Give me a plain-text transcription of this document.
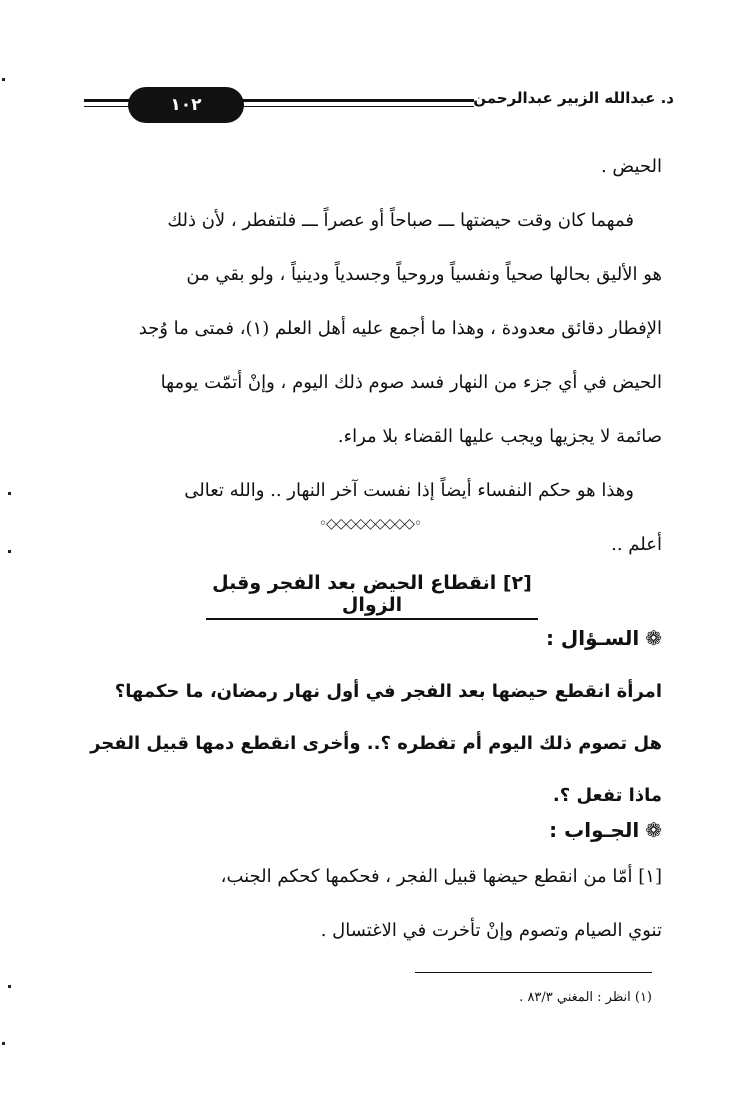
١٠٢	د. عبدالله الزبير عبدالرحمن

الحيض .

فمهما كان وقت حيضتها ـــ صباحاً أو عصراً ـــ فلتفطر ، لأن ذلك

هو الأليق بحالها صحياً ونفسياً وروحياً وجسدياً ودينياً ، ولو بقي من

الإفطار دقائق معدودة ، وهذا ما أجمع عليه أهل العلم (١)، فمتى ما وُجد

الحيض في أي جزء من النهار فسد صوم ذلك اليوم ، وإنْ أتمّت يومها

صائمة لا يجزيها ويجب عليها القضاء بلا مراء.

وهذا هو حكم النفساء أيضاً إذا نفست آخر النهار .. والله تعالى

أعلم ..

◦◇◇◇◇◇◇◇◇◇◦
[٢] انقطاع الحيض بعد الفجر وقبل الزوال
❁
السـؤال :

امرأة انقطع حيضها بعد الفجر في أول نهار رمضان، ما حكمها؟

هل تصوم ذلك اليوم أم تفطره ؟.. وأخرى انقطع دمها قبيل الفجر

ماذا تفعل ؟.

❁
الجـواب :

[١] أمّا من انقطع حيضها قبيل الفجر ، فحكمها كحكم الجنب،

تنوي الصيام وتصوم وإنْ تأخرت في الاغتسال .

(١) انظر : المغني ٨٣/٣ .
